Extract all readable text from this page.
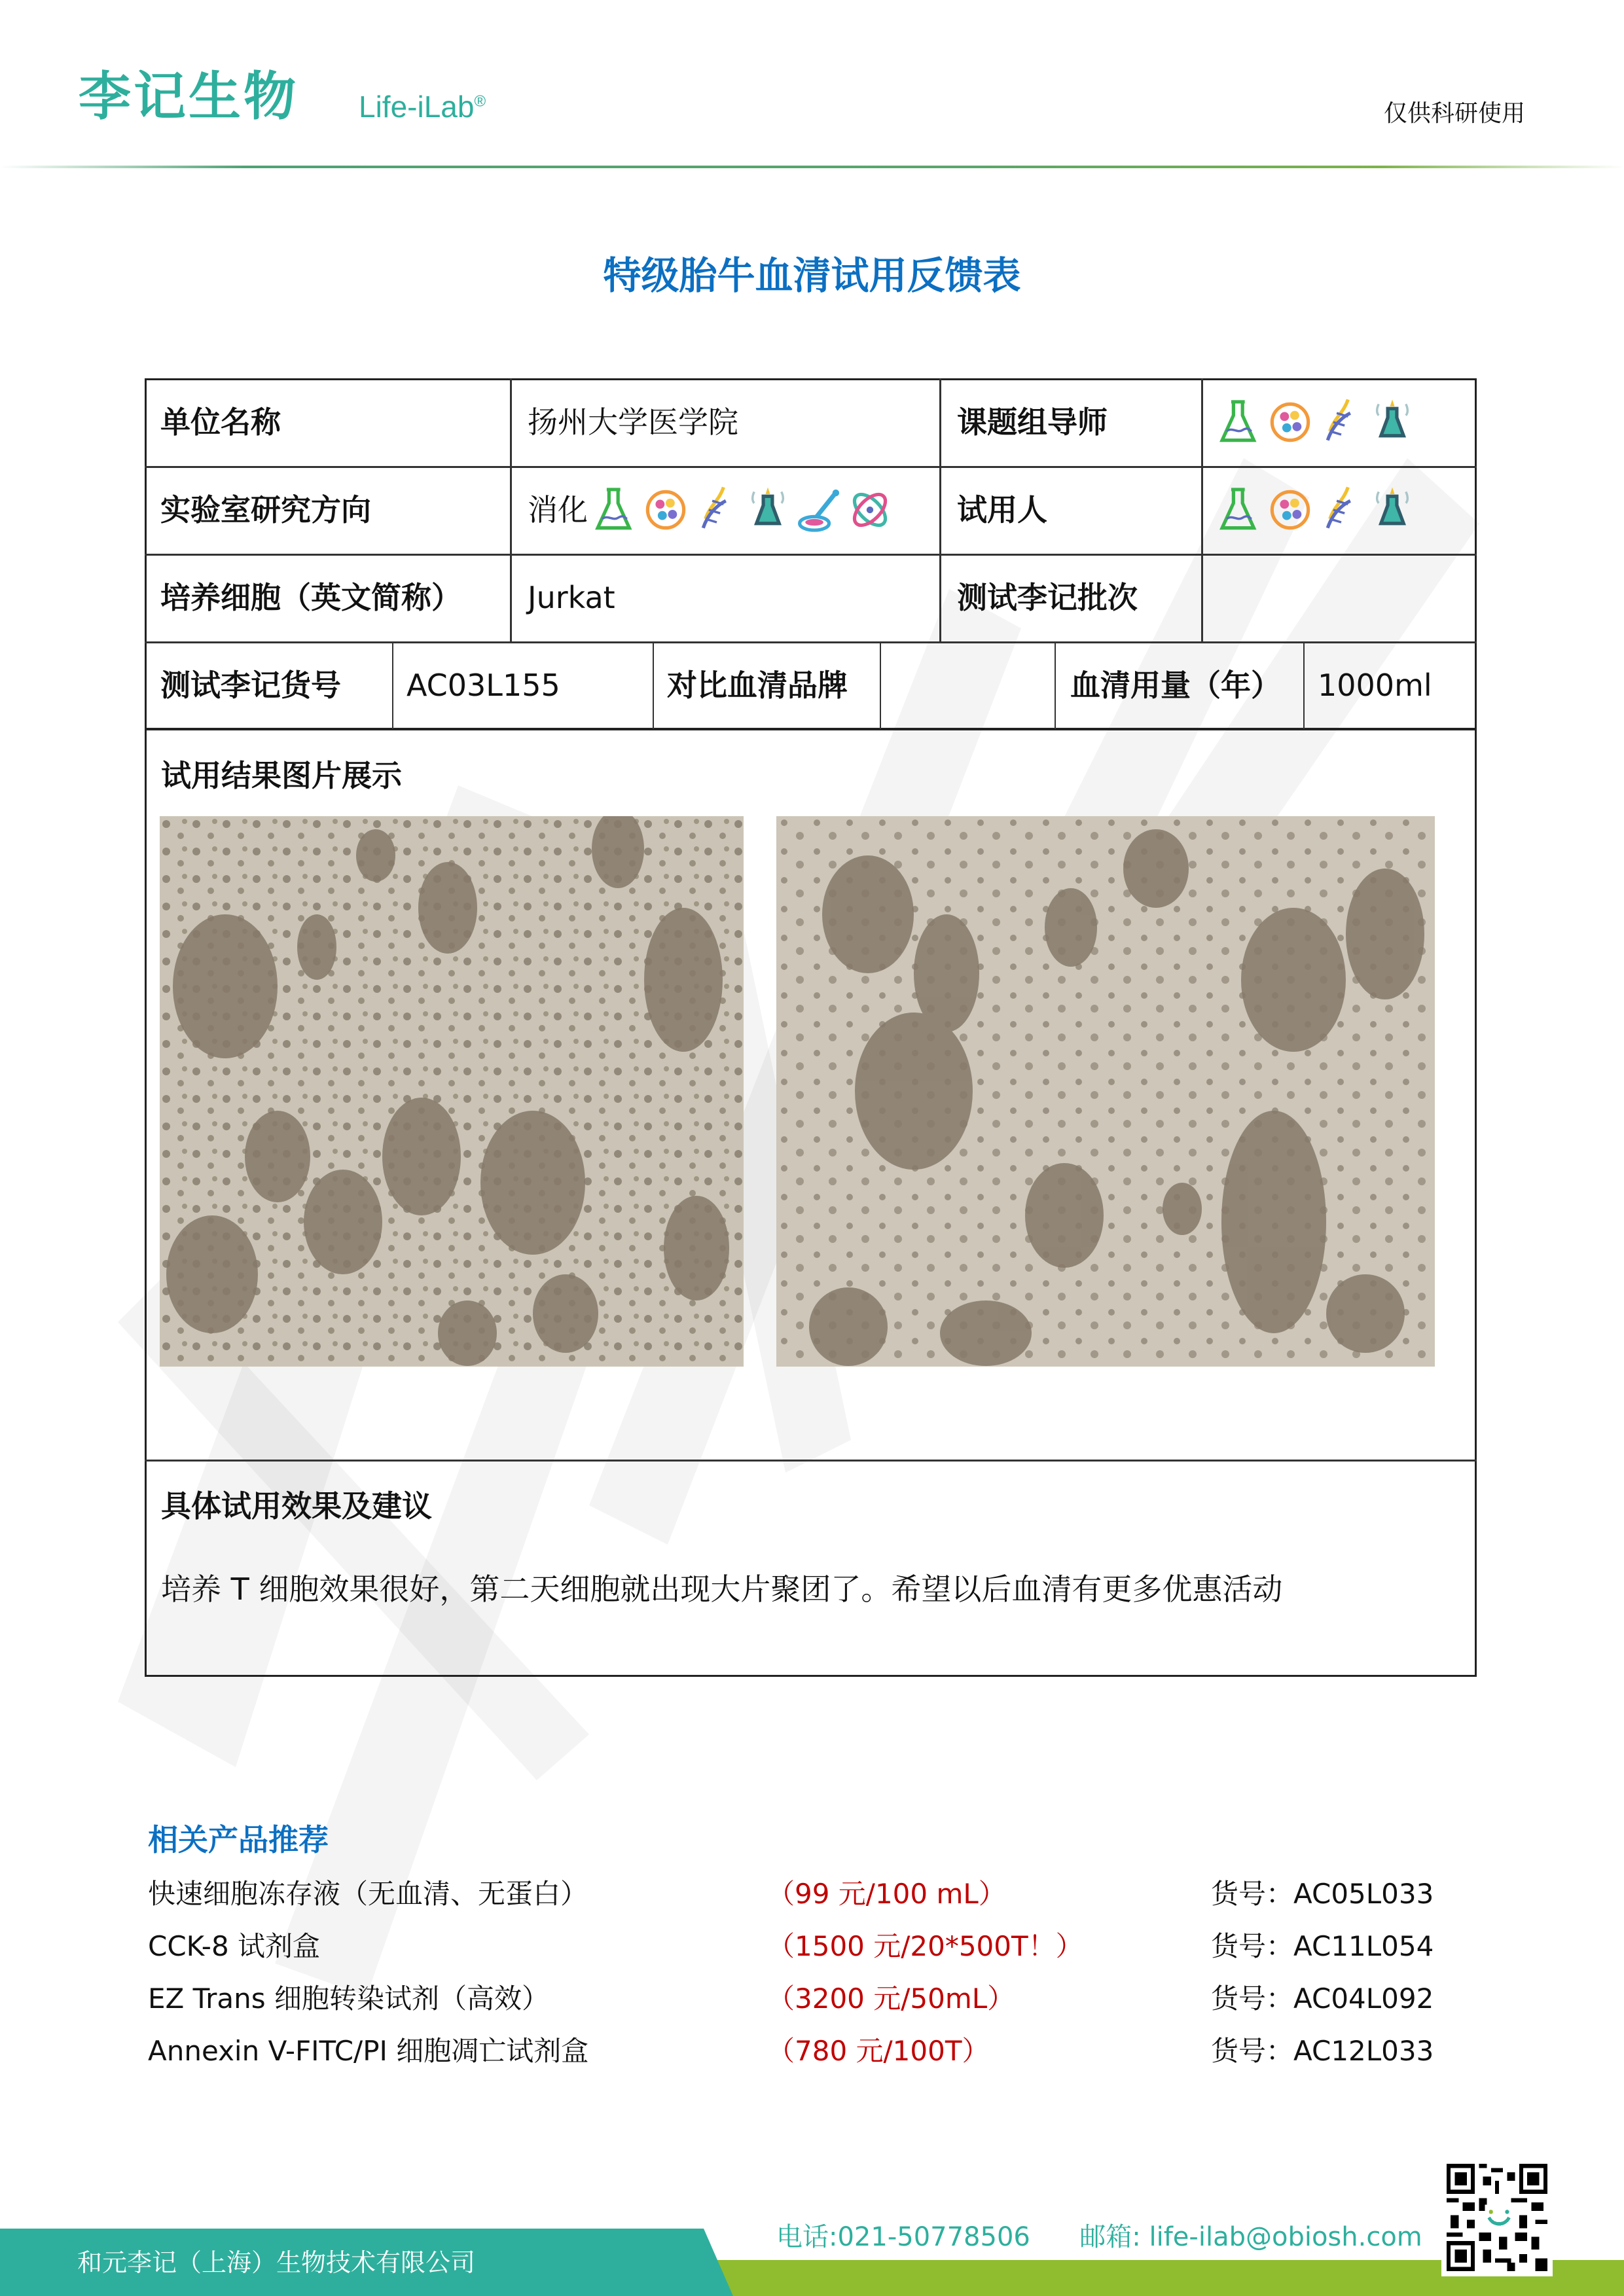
李记生物 Life-iLab®	仅供科研使用
特级胎牛血清试用反馈表
单位名称	扬州大学医学院	课题组导师
实验室研究方向	消化	试用人
培养细胞（英文简称）	Jurkat	测试李记批次
测试李记货号	AC03L155	对比血清品牌	血清用量（年）	1000ml
试用结果图片展示
具体试用效果及建议
培养 T 细胞效果很好，第二天细胞就出现大片聚团了。希望以后血清有更多优惠活动
相关产品推荐
快速细胞冻存液（无血清、无蛋白）	（99 元/100 mL）	货号：AC05L033
CCK-8 试剂盒	（1500 元/20*500T！）	货号：AC11L054
EZ Trans 细胞转染试剂（高效）	（3200 元/50mL）	货号：AC04L092
Annexin V-FITC/PI 细胞凋亡试剂盒	（780 元/100T）	货号：AC12L033
和元李记（上海）生物技术有限公司
电话:021-50778506 邮箱: life-ilab@obiosh.com
